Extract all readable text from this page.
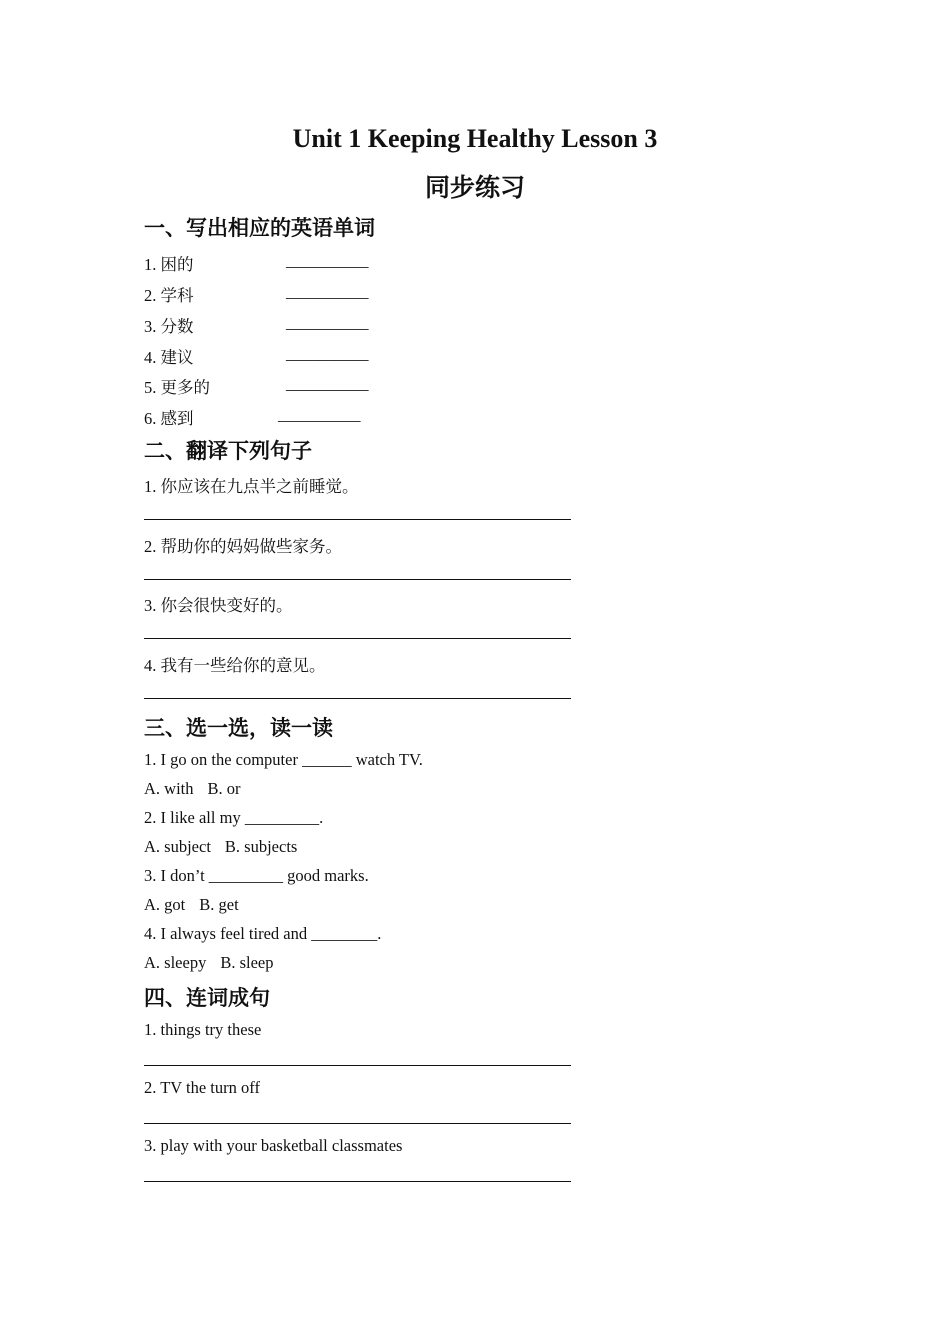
Unit 1 Keeping Healthy Lesson 3
同步练习
一、写出相应的英语单词
1. 困的	__________
2. 学科	__________
3. 分数	__________
4. 建议	__________
5. 更多的	__________
6. 感到	__________
二、翻译下列句子
1. 你应该在九点半之前睡觉。
2. 帮助你的妈妈做些家务。
3. 你会很快变好的。
4. 我有一些给你的意见。
三、选一选，读一读
1. I go on the computer ______ watch TV.
A. with B. or
2. I like all my _________.
A. subject B. subjects
3. I don’t _________ good marks.
A. got B. get
4. I always feel tired and ________.
A. sleepy B. sleep
四、连词成句
1. things try these
2. TV the turn off
3. play with your basketball classmates
